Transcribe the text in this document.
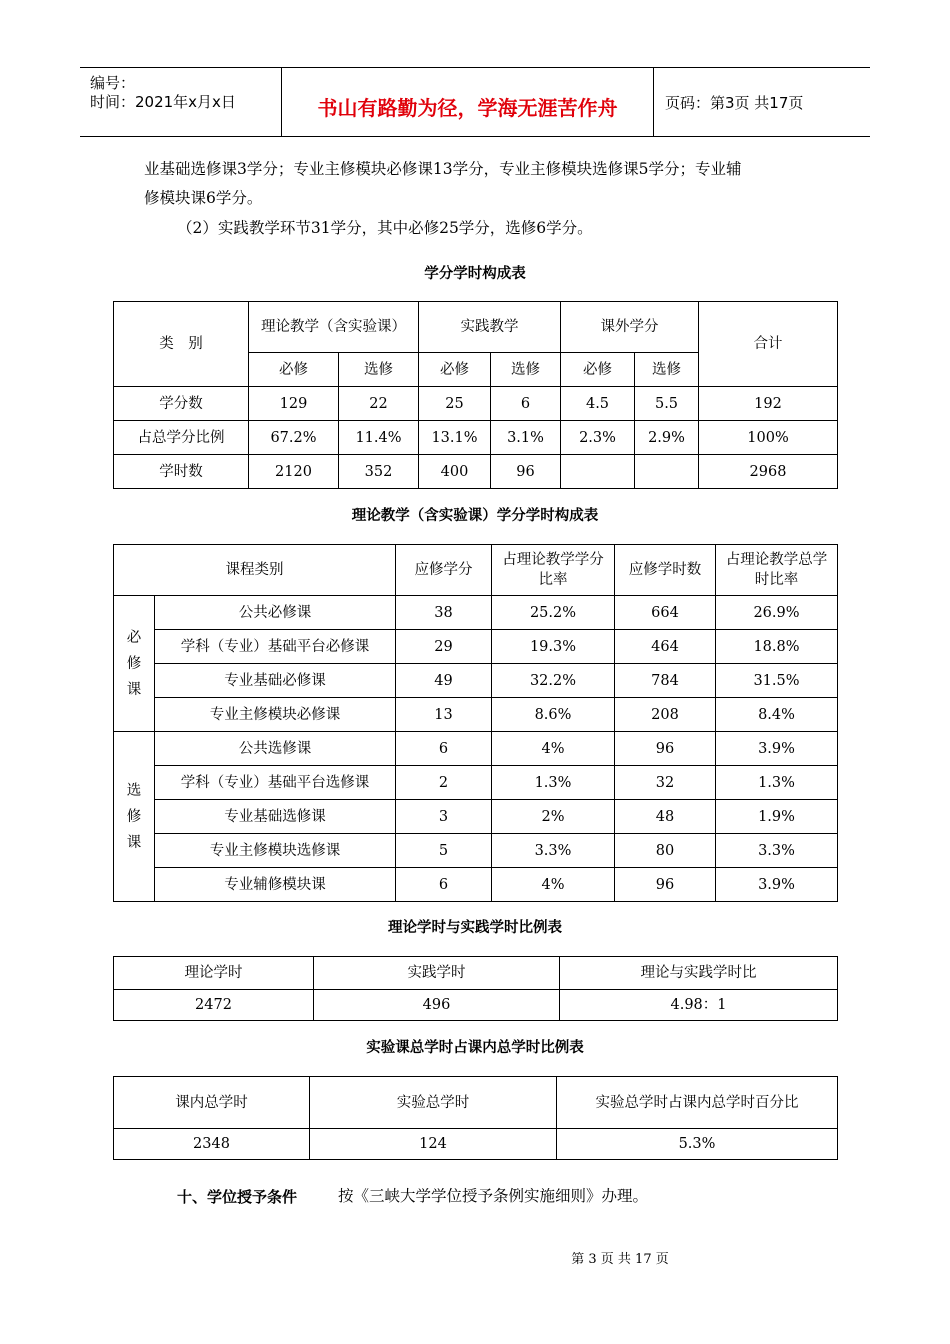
编号：
时间：2021年x月x日	书山有路勤为径，学海无涯苦作舟	页码：第3页 共17页
业基础选修课3学分；专业主修模块必修课13学分，专业主修模块选修课5学分；专业辅
修模块课6学分。
（2）实践教学环节31学分，其中必修25学分，选修6学分。
学分学时构成表
类　别	理论教学（含实验课）		实践教学		课外学分		合计
	必修	选修	必修	选修	必修	选修	
学分数	129	22	25	6	4.5	5.5	192
占总学分比例	67.2%	11.4%	13.1%	3.1%	2.3%	2.9%	100%
学时数	2120	352	400	96			2968
理论教学（含实验课）学分学时构成表
课程类别		应修学分	占理论教学学分比率	应修学时数	占理论教学总学时比率
必修课	公共必修课	38	25.2%	664	26.9%
	学科（专业）基础平台必修课	29	19.3%	464	18.8%
	专业基础必修课	49	32.2%	784	31.5%
	专业主修模块必修课	13	8.6%	208	8.4%
选修课	公共选修课	6	4%	96	3.9%
	学科（专业）基础平台选修课	2	1.3%	32	1.3%
	专业基础选修课	3	2%	48	1.9%
	专业主修模块选修课	5	3.3%	80	3.3%
	专业辅修模块课	6	4%	96	3.9%
理论学时与实践学时比例表
理论学时	实践学时	理论与实践学时比
2472	496	4.98：1
实验课总学时占课内总学时比例表
课内总学时	实验总学时	实验总学时占课内总学时百分比
2348	124	5.3%
十、学位授予条件	按《三峡大学学位授予条例实施细则》办理。
第 3 页 共 17 页
